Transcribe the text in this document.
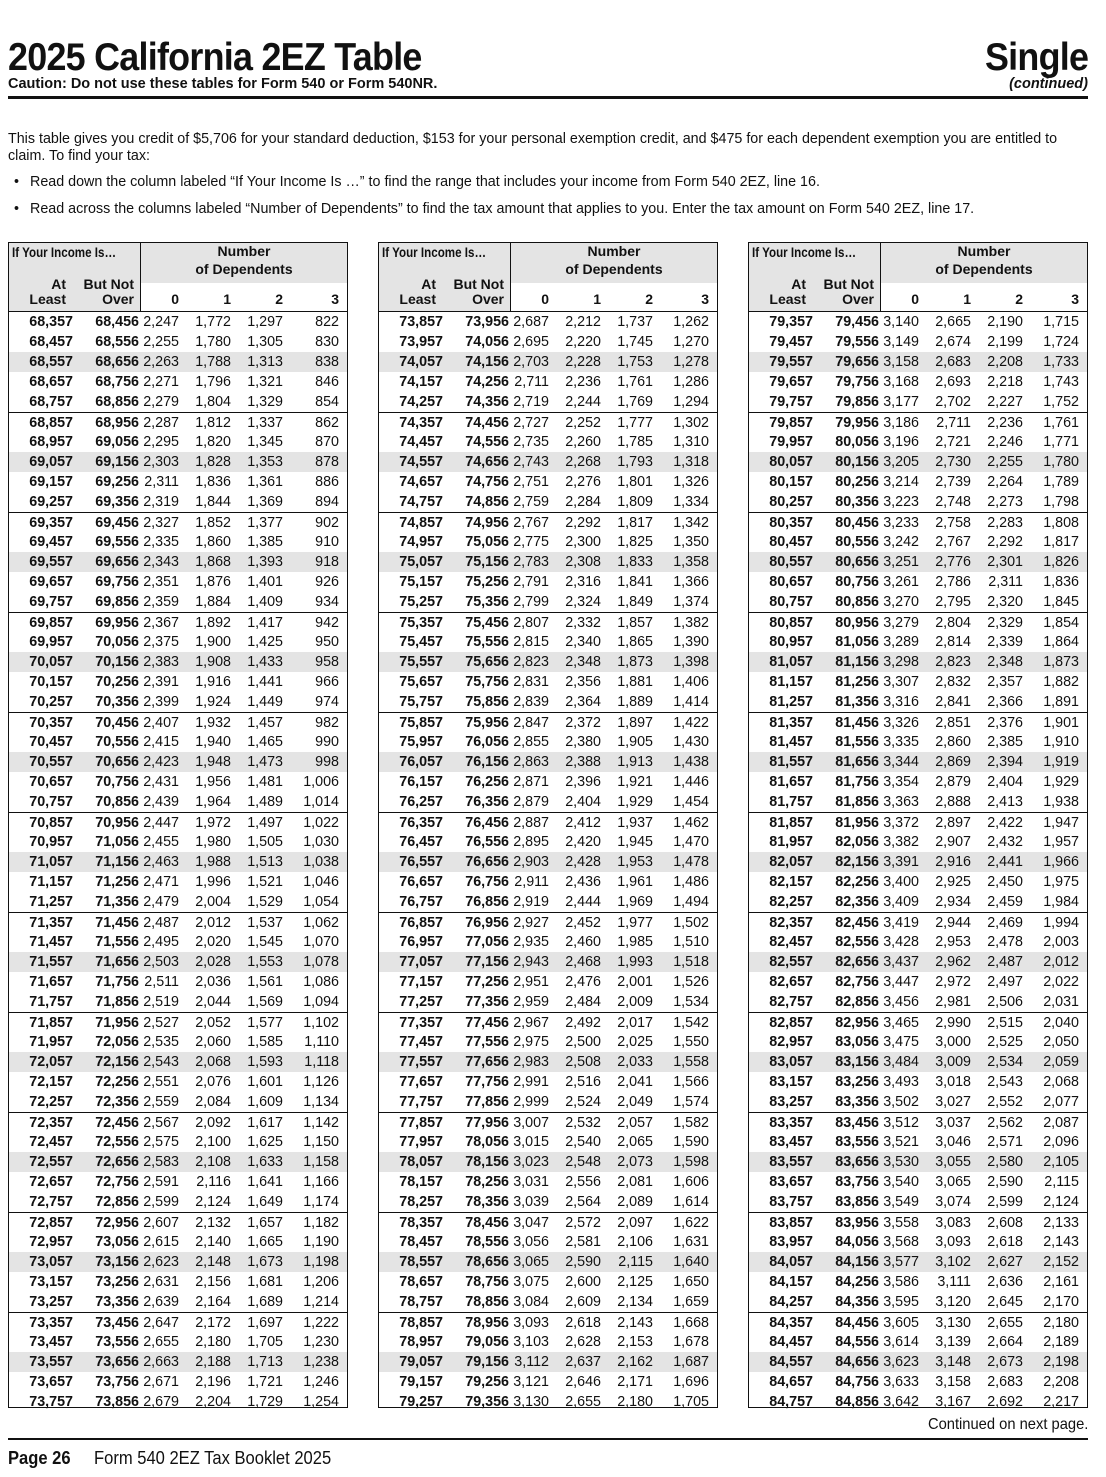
2025 California 2EZ Table
Caution: Do not use these tables for Form 540 or Form 540NR.
Single
(continued)
This table gives you credit of $5,706 for your standard deduction, $153 for your personal exemption credit, and $475 for each dependent exemption you are entitled to claim. To find your tax:
• Read down the column labeled “If Your Income Is …” to find the range that includes your income from Form 540 2EZ, line 16.
• Read across the columns labeled “Number of Dependents” to find the tax amount that applies to you. Enter the tax amount on Form 540 2EZ, line 17.
If Your Income Is…
At
Least
But Not
Over
Number
of Dependents
0	1	2	3
68,357 68,456 2,247 1,772 1,297 822
68,457 68,556 2,255 1,780 1,305 830
68,557 68,656 2,263 1,788 1,313 838
68,657 68,756 2,271 1,796 1,321 846
68,757 68,856 2,279 1,804 1,329 854
68,857 68,956 2,287 1,812 1,337 862
68,957 69,056 2,295 1,820 1,345 870
69,057 69,156 2,303 1,828 1,353 878
69,157 69,256 2,311 1,836 1,361 886
69,257 69,356 2,319 1,844 1,369 894
69,357 69,456 2,327 1,852 1,377 902
69,457 69,556 2,335 1,860 1,385 910
69,557 69,656 2,343 1,868 1,393 918
69,657 69,756 2,351 1,876 1,401 926
69,757 69,856 2,359 1,884 1,409 934
69,857 69,956 2,367 1,892 1,417 942
69,957 70,056 2,375 1,900 1,425 950
70,057 70,156 2,383 1,908 1,433 958
70,157 70,256 2,391 1,916 1,441 966
70,257 70,356 2,399 1,924 1,449 974
70,357 70,456 2,407 1,932 1,457 982
70,457 70,556 2,415 1,940 1,465 990
70,557 70,656 2,423 1,948 1,473 998
70,657 70,756 2,431 1,956 1,481 1,006
70,757 70,856 2,439 1,964 1,489 1,014
70,857 70,956 2,447 1,972 1,497 1,022
70,957 71,056 2,455 1,980 1,505 1,030
71,057 71,156 2,463 1,988 1,513 1,038
71,157 71,256 2,471 1,996 1,521 1,046
71,257 71,356 2,479 2,004 1,529 1,054
71,357 71,456 2,487 2,012 1,537 1,062
71,457 71,556 2,495 2,020 1,545 1,070
71,557 71,656 2,503 2,028 1,553 1,078
71,657 71,756 2,511 2,036 1,561 1,086
71,757 71,856 2,519 2,044 1,569 1,094
71,857 71,956 2,527 2,052 1,577 1,102
71,957 72,056 2,535 2,060 1,585 1,110
72,057 72,156 2,543 2,068 1,593 1,118
72,157 72,256 2,551 2,076 1,601 1,126
72,257 72,356 2,559 2,084 1,609 1,134
72,357 72,456 2,567 2,092 1,617 1,142
72,457 72,556 2,575 2,100 1,625 1,150
72,557 72,656 2,583 2,108 1,633 1,158
72,657 72,756 2,591 2,116 1,641 1,166
72,757 72,856 2,599 2,124 1,649 1,174
72,857 72,956 2,607 2,132 1,657 1,182
72,957 73,056 2,615 2,140 1,665 1,190
73,057 73,156 2,623 2,148 1,673 1,198
73,157 73,256 2,631 2,156 1,681 1,206
73,257 73,356 2,639 2,164 1,689 1,214
73,357 73,456 2,647 2,172 1,697 1,222
73,457 73,556 2,655 2,180 1,705 1,230
73,557 73,656 2,663 2,188 1,713 1,238
73,657 73,756 2,671 2,196 1,721 1,246
73,757 73,856 2,679 2,204 1,729 1,254
If Your Income Is…
At
Least
But Not
Over
Number
of Dependents
0	1	2	3
73,857 73,956 2,687 2,212 1,737 1,262
73,957 74,056 2,695 2,220 1,745 1,270
74,057 74,156 2,703 2,228 1,753 1,278
74,157 74,256 2,711 2,236 1,761 1,286
74,257 74,356 2,719 2,244 1,769 1,294
74,357 74,456 2,727 2,252 1,777 1,302
74,457 74,556 2,735 2,260 1,785 1,310
74,557 74,656 2,743 2,268 1,793 1,318
74,657 74,756 2,751 2,276 1,801 1,326
74,757 74,856 2,759 2,284 1,809 1,334
74,857 74,956 2,767 2,292 1,817 1,342
74,957 75,056 2,775 2,300 1,825 1,350
75,057 75,156 2,783 2,308 1,833 1,358
75,157 75,256 2,791 2,316 1,841 1,366
75,257 75,356 2,799 2,324 1,849 1,374
75,357 75,456 2,807 2,332 1,857 1,382
75,457 75,556 2,815 2,340 1,865 1,390
75,557 75,656 2,823 2,348 1,873 1,398
75,657 75,756 2,831 2,356 1,881 1,406
75,757 75,856 2,839 2,364 1,889 1,414
75,857 75,956 2,847 2,372 1,897 1,422
75,957 76,056 2,855 2,380 1,905 1,430
76,057 76,156 2,863 2,388 1,913 1,438
76,157 76,256 2,871 2,396 1,921 1,446
76,257 76,356 2,879 2,404 1,929 1,454
76,357 76,456 2,887 2,412 1,937 1,462
76,457 76,556 2,895 2,420 1,945 1,470
76,557 76,656 2,903 2,428 1,953 1,478
76,657 76,756 2,911 2,436 1,961 1,486
76,757 76,856 2,919 2,444 1,969 1,494
76,857 76,956 2,927 2,452 1,977 1,502
76,957 77,056 2,935 2,460 1,985 1,510
77,057 77,156 2,943 2,468 1,993 1,518
77,157 77,256 2,951 2,476 2,001 1,526
77,257 77,356 2,959 2,484 2,009 1,534
77,357 77,456 2,967 2,492 2,017 1,542
77,457 77,556 2,975 2,500 2,025 1,550
77,557 77,656 2,983 2,508 2,033 1,558
77,657 77,756 2,991 2,516 2,041 1,566
77,757 77,856 2,999 2,524 2,049 1,574
77,857 77,956 3,007 2,532 2,057 1,582
77,957 78,056 3,015 2,540 2,065 1,590
78,057 78,156 3,023 2,548 2,073 1,598
78,157 78,256 3,031 2,556 2,081 1,606
78,257 78,356 3,039 2,564 2,089 1,614
78,357 78,456 3,047 2,572 2,097 1,622
78,457 78,556 3,056 2,581 2,106 1,631
78,557 78,656 3,065 2,590 2,115 1,640
78,657 78,756 3,075 2,600 2,125 1,650
78,757 78,856 3,084 2,609 2,134 1,659
78,857 78,956 3,093 2,618 2,143 1,668
78,957 79,056 3,103 2,628 2,153 1,678
79,057 79,156 3,112 2,637 2,162 1,687
79,157 79,256 3,121 2,646 2,171 1,696
79,257 79,356 3,130 2,655 2,180 1,705
If Your Income Is…
At
Least
But Not
Over
Number
of Dependents
0	1	2	3
79,357 79,456 3,140 2,665 2,190 1,715
79,457 79,556 3,149 2,674 2,199 1,724
79,557 79,656 3,158 2,683 2,208 1,733
79,657 79,756 3,168 2,693 2,218 1,743
79,757 79,856 3,177 2,702 2,227 1,752
79,857 79,956 3,186 2,711 2,236 1,761
79,957 80,056 3,196 2,721 2,246 1,771
80,057 80,156 3,205 2,730 2,255 1,780
80,157 80,256 3,214 2,739 2,264 1,789
80,257 80,356 3,223 2,748 2,273 1,798
80,357 80,456 3,233 2,758 2,283 1,808
80,457 80,556 3,242 2,767 2,292 1,817
80,557 80,656 3,251 2,776 2,301 1,826
80,657 80,756 3,261 2,786 2,311 1,836
80,757 80,856 3,270 2,795 2,320 1,845
80,857 80,956 3,279 2,804 2,329 1,854
80,957 81,056 3,289 2,814 2,339 1,864
81,057 81,156 3,298 2,823 2,348 1,873
81,157 81,256 3,307 2,832 2,357 1,882
81,257 81,356 3,316 2,841 2,366 1,891
81,357 81,456 3,326 2,851 2,376 1,901
81,457 81,556 3,335 2,860 2,385 1,910
81,557 81,656 3,344 2,869 2,394 1,919
81,657 81,756 3,354 2,879 2,404 1,929
81,757 81,856 3,363 2,888 2,413 1,938
81,857 81,956 3,372 2,897 2,422 1,947
81,957 82,056 3,382 2,907 2,432 1,957
82,057 82,156 3,391 2,916 2,441 1,966
82,157 82,256 3,400 2,925 2,450 1,975
82,257 82,356 3,409 2,934 2,459 1,984
82,357 82,456 3,419 2,944 2,469 1,994
82,457 82,556 3,428 2,953 2,478 2,003
82,557 82,656 3,437 2,962 2,487 2,012
82,657 82,756 3,447 2,972 2,497 2,022
82,757 82,856 3,456 2,981 2,506 2,031
82,857 82,956 3,465 2,990 2,515 2,040
82,957 83,056 3,475 3,000 2,525 2,050
83,057 83,156 3,484 3,009 2,534 2,059
83,157 83,256 3,493 3,018 2,543 2,068
83,257 83,356 3,502 3,027 2,552 2,077
83,357 83,456 3,512 3,037 2,562 2,087
83,457 83,556 3,521 3,046 2,571 2,096
83,557 83,656 3,530 3,055 2,580 2,105
83,657 83,756 3,540 3,065 2,590 2,115
83,757 83,856 3,549 3,074 2,599 2,124
83,857 83,956 3,558 3,083 2,608 2,133
83,957 84,056 3,568 3,093 2,618 2,143
84,057 84,156 3,577 3,102 2,627 2,152
84,157 84,256 3,586 3,111 2,636 2,161
84,257 84,356 3,595 3,120 2,645 2,170
84,357 84,456 3,605 3,130 2,655 2,180
84,457 84,556 3,614 3,139 2,664 2,189
84,557 84,656 3,623 3,148 2,673 2,198
84,657 84,756 3,633 3,158 2,683 2,208
84,757 84,856 3,642 3,167 2,692 2,217
Continued on next page.
Page 26 Form 540 2EZ Tax Booklet 2025
